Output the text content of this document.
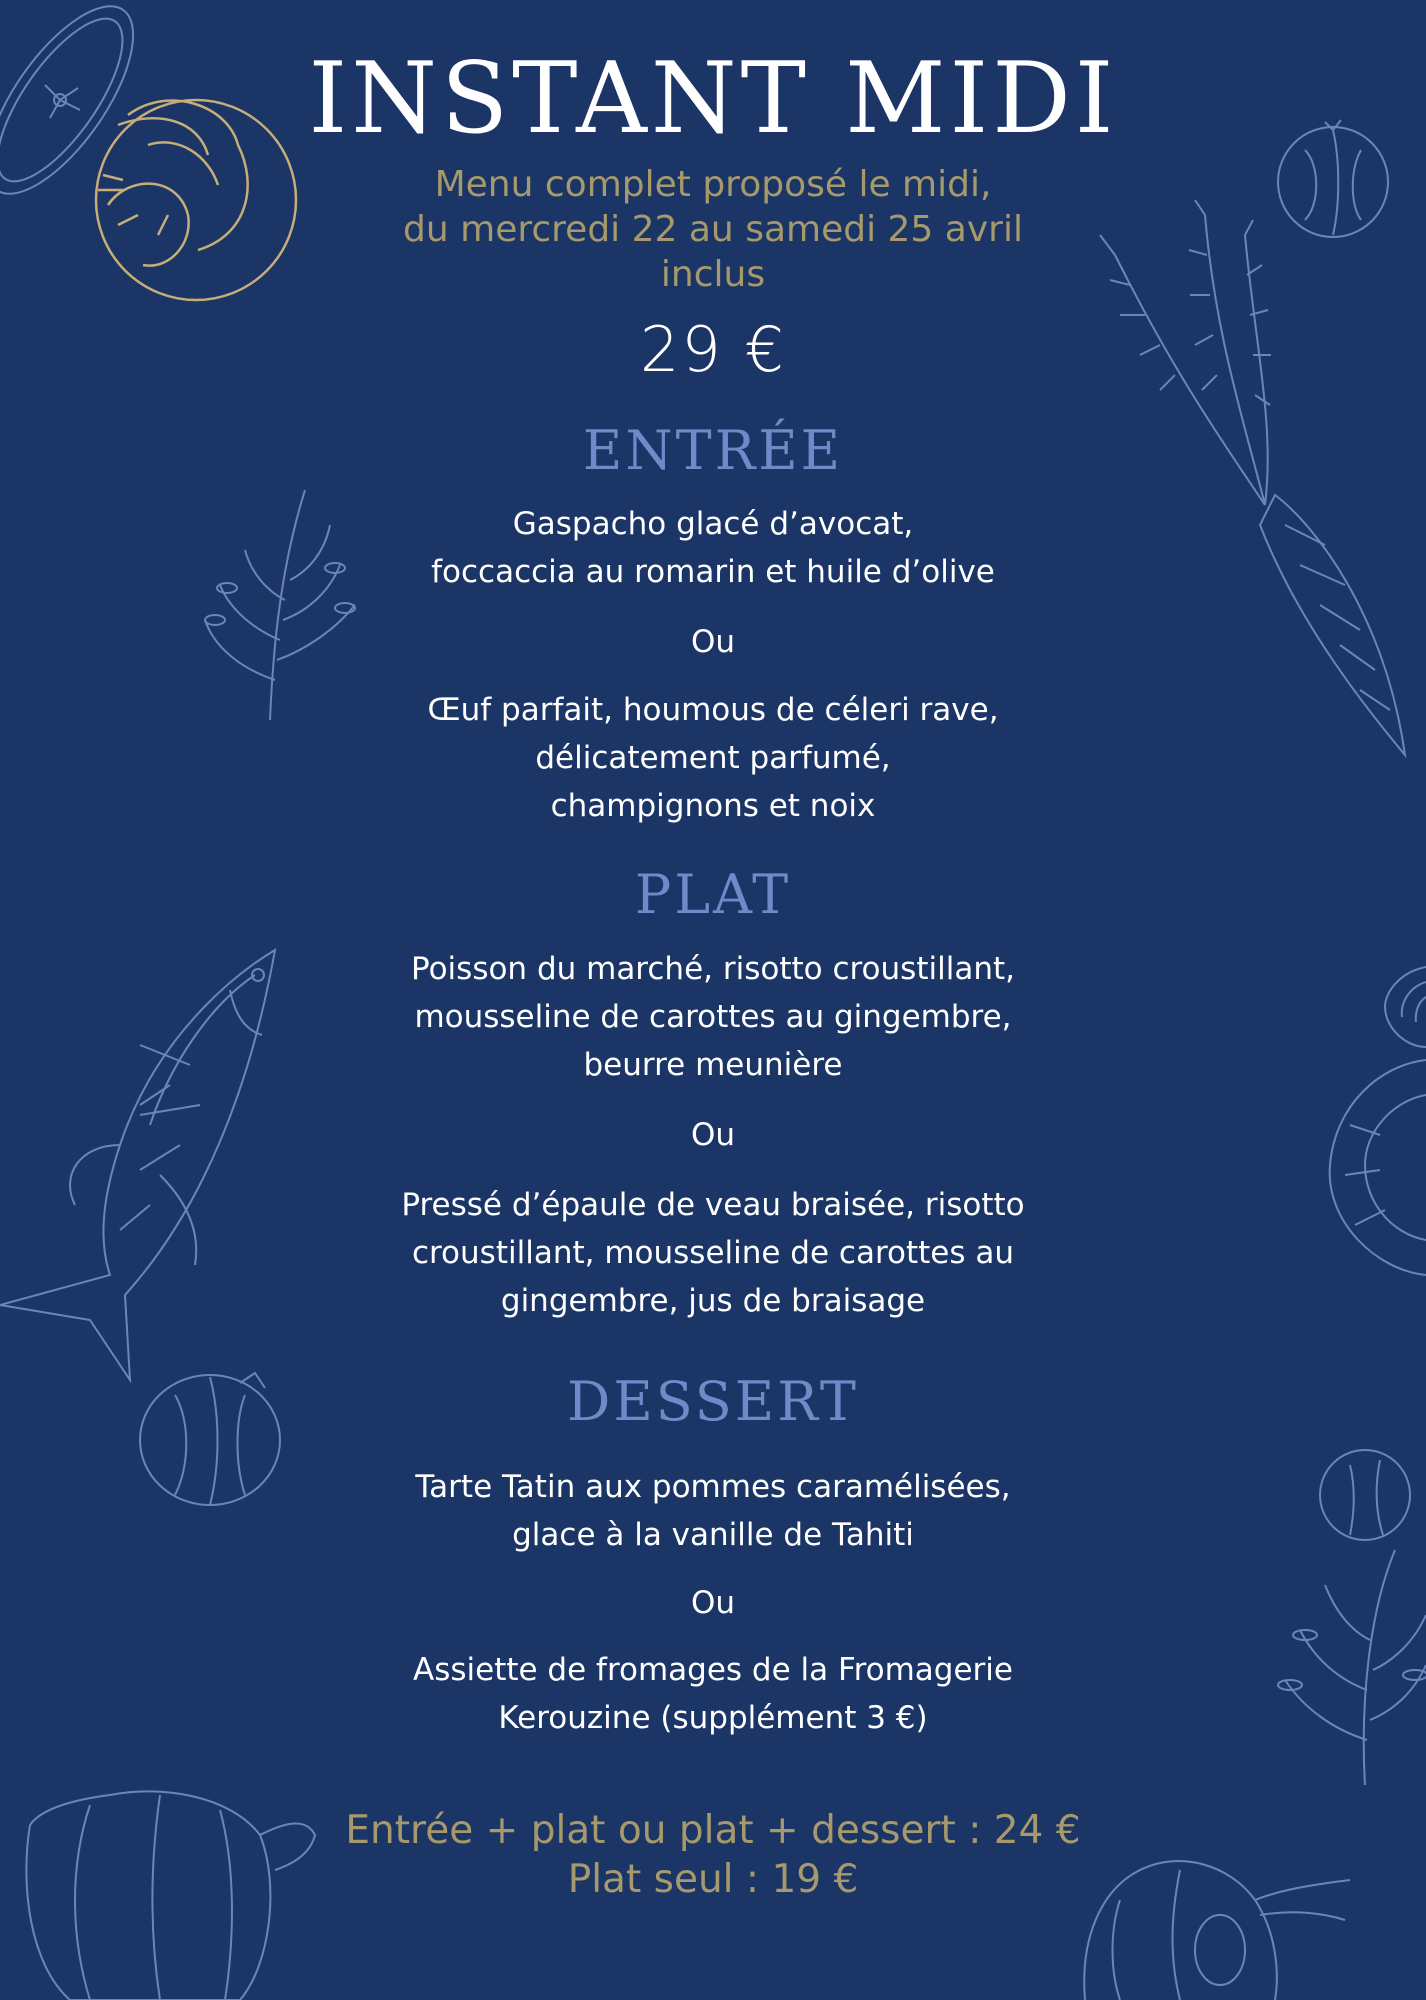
INSTANT MIDI
Menu complet proposé le midi,
du mercredi 22 au samedi 25 avril
inclus
29 €
ENTRÉE
Gaspacho glacé d’avocat,
foccaccia au romarin et huile d’olive
Ou
Œuf parfait, houmous de céleri rave,
délicatement parfumé,
champignons et noix
PLAT
Poisson du marché, risotto croustillant,
mousseline de carottes au gingembre,
beurre meunière
Ou
Pressé d’épaule de veau braisée, risotto
croustillant, mousseline de carottes au
gingembre, jus de braisage
DESSERT
Tarte Tatin aux pommes caramélisées,
glace à la vanille de Tahiti
Ou
Assiette de fromages de la Fromagerie
Kerouzine (supplément 3 €)
Entrée + plat ou plat + dessert : 24 €
Plat seul : 19 €
